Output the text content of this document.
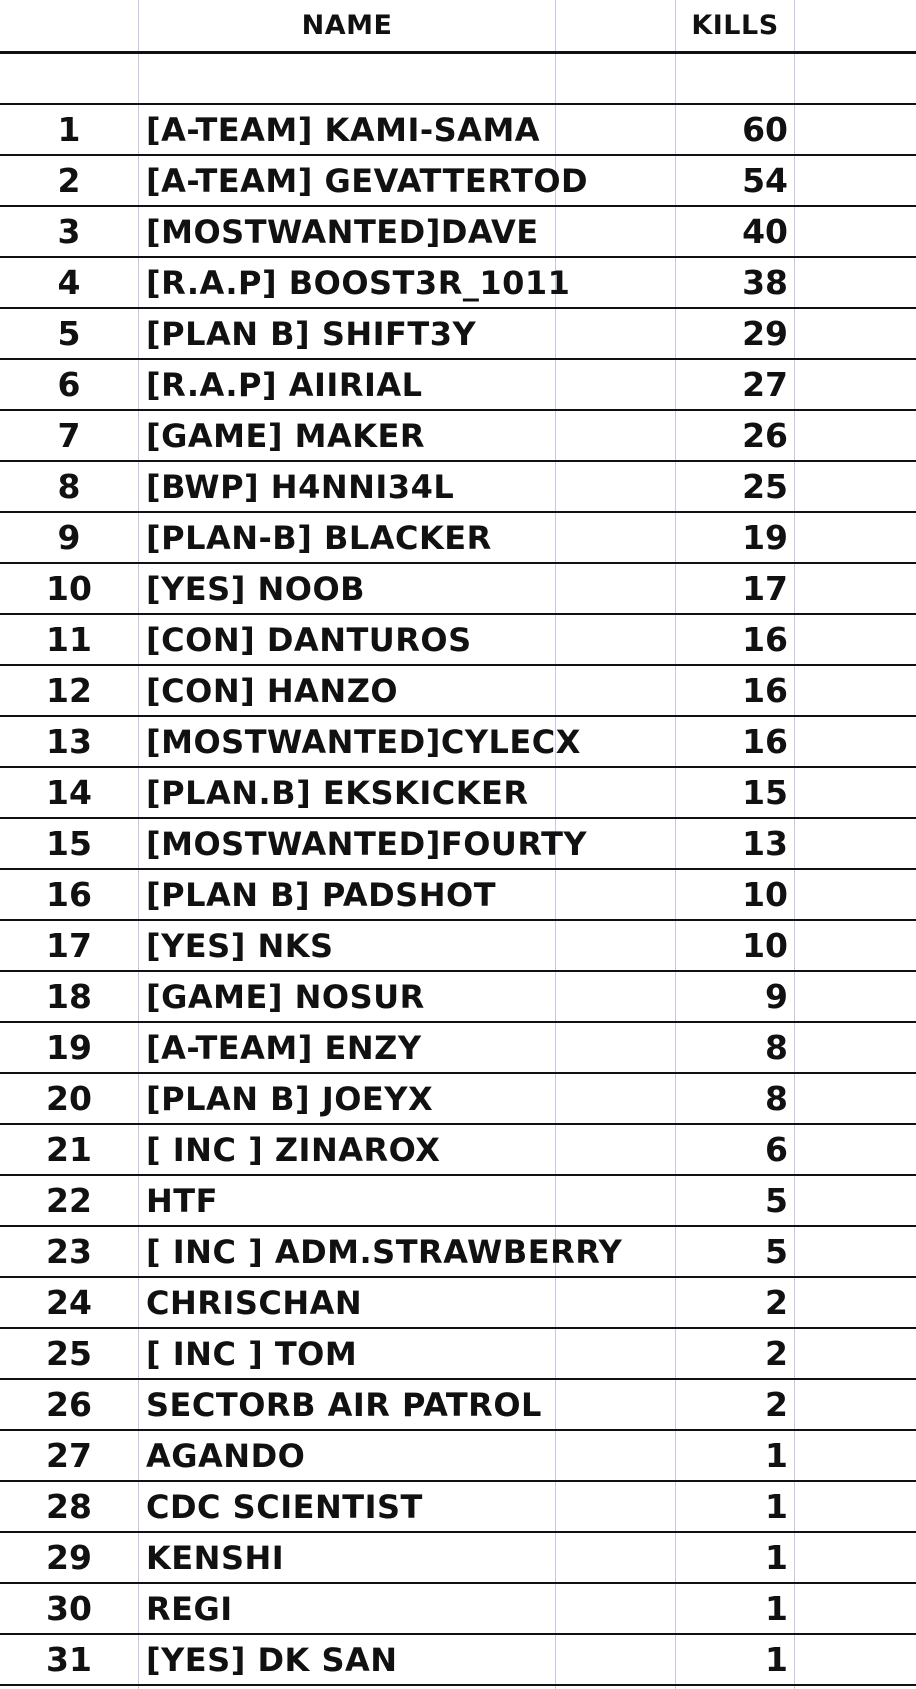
NAME	KILLS
1	[A-TEAM] KAMI-SAMA	60
2	[A-TEAM] GEVATTERTOD	54
3	[MOSTWANTED]DAVE	40
4	[R.A.P] BOOST3R_1011	38
5	[PLAN B] SHIFT3Y	29
6	[R.A.P] AIIRIAL	27
7	[GAME] MAKER	26
8	[BWP] H4NNI34L	25
9	[PLAN-B] BLACKER	19
10	[YES] NOOB	17
11	[CON] DANTUROS	16
12	[CON] HANZO	16
13	[MOSTWANTED]CYLECX	16
14	[PLAN.B] EKSKICKER	15
15	[MOSTWANTED]FOURTY	13
16	[PLAN B] PADSHOT	10
17	[YES] NKS	10
18	[GAME] NOSUR	9
19	[A-TEAM] ENZY	8
20	[PLAN B] JOEYX	8
21	[ INC ] ZINAROX	6
22	HTF	5
23	[ INC ] ADM.STRAWBERRY	5
24	CHRISCHAN	2
25	[ INC ] TOM	2
26	SECTORB AIR PATROL	2
27	AGANDO	1
28	CDC SCIENTIST	1
29	KENSHI	1
30	REGI	1
31	[YES] DK SAN	1
